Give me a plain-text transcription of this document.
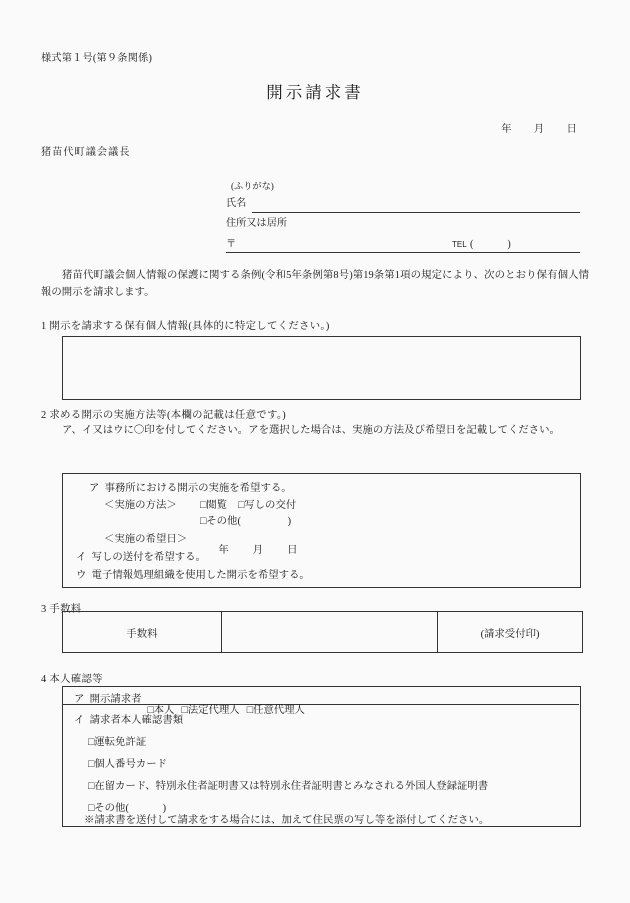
様式第１号(第９条関係)
開示請求書

年 月 日

猪苗代町議会議長
(ふりがな)
氏名
住所又は居所
〒	TEL (           )
猪苗代町議会個人情報の保護に関する条例(令和5年条例第8号)第19条第1項の規定により、次のとおり保有個人情報の開示を請求します。
1 開示を請求する保有個人情報(具体的に特定してください。)
2 求める開示の実施方法等(本欄の記載は任意です。)
ア、イ又はウに〇印を付してください。アを選択した場合は、実施の方法及び希望日を記載してください。
ア  事務所における開示の実施を希望する。
＜実施の方法＞ □閲覧 □写しの交付
□その他(                  )
＜実施の希望日＞

年 月 日

イ  写しの送付を希望する。
ウ  電子情報処理組織を使用した開示を希望する。
3 手数料
手数料		(請求受付印)
4 本人確認等
ア  開示請求者

□本人 □法定代理人 □任意代理人

イ  請求者本人確認書類
□運転免許証
□個人番号カード
□在留カード、特別永住者証明書又は特別永住者証明書とみなされる外国人登録証明書
□その他(             )
※請求書を送付して請求をする場合には、加えて住民票の写し等を添付してください。
